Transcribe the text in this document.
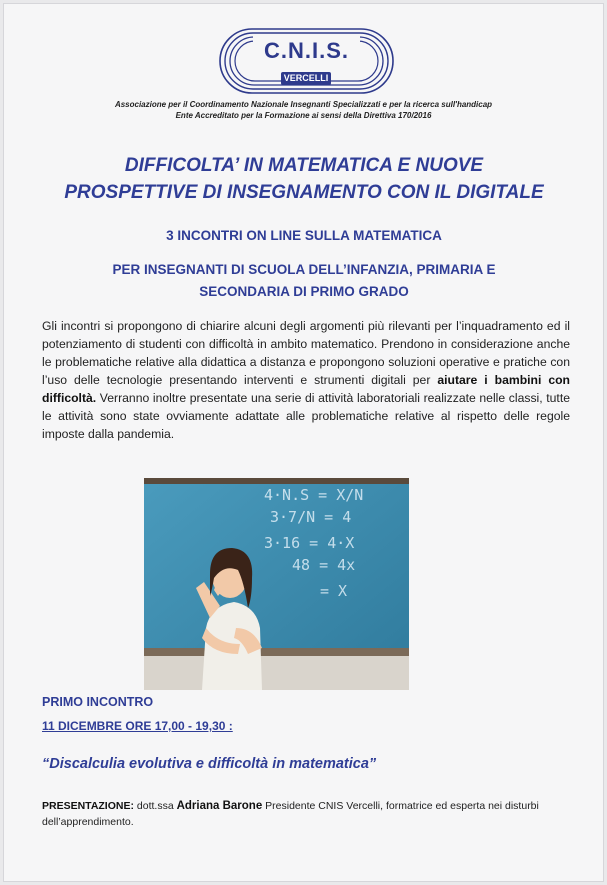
C.N.I.S.
VERCELLI
Associazione per il Coordinamento Nazionale Insegnanti Specializzati e per la ricerca sull'handicap
Ente Accreditato per la Formazione ai sensi della Direttiva 170/2016
DIFFICOLTA’ IN MATEMATICA E NUOVE
PROSPETTIVE DI INSEGNAMENTO CON IL DIGITALE
3 INCONTRI ON LINE SULLA MATEMATICA
PER INSEGNANTI DI SCUOLA DELL’INFANZIA, PRIMARIA E
SECONDARIA DI PRIMO GRADO
Gli incontri si propongono di chiarire alcuni degli argomenti più rilevanti per l’inquadramento ed il potenziamento di studenti con difficoltà in ambito matematico. Prendono in considerazione anche le problematiche relative alla didattica a distanza e propongono soluzioni operative e pratiche con l’uso delle tecnologie presentando interventi e strumenti digitali per aiutare i bambini con difficoltà. Verranno inoltre presentate una serie di attività laboratoriali realizzate nelle classi, tutte le attività sono state ovviamente adattate alle problematiche relative al rispetto delle regole imposte dalla pandemia.
4·N.S = X/N
3·7/N = 4
3·16 = 4·X
48 = 4x
= X
PRIMO INCONTRO
11 DICEMBRE ORE 17,00 - 19,30 :
“Discalculia evolutiva e difficoltà in matematica”
PRESENTAZIONE: dott.ssa Adriana Barone Presidente CNIS Vercelli, formatrice ed esperta nei disturbi dell’apprendimento.
